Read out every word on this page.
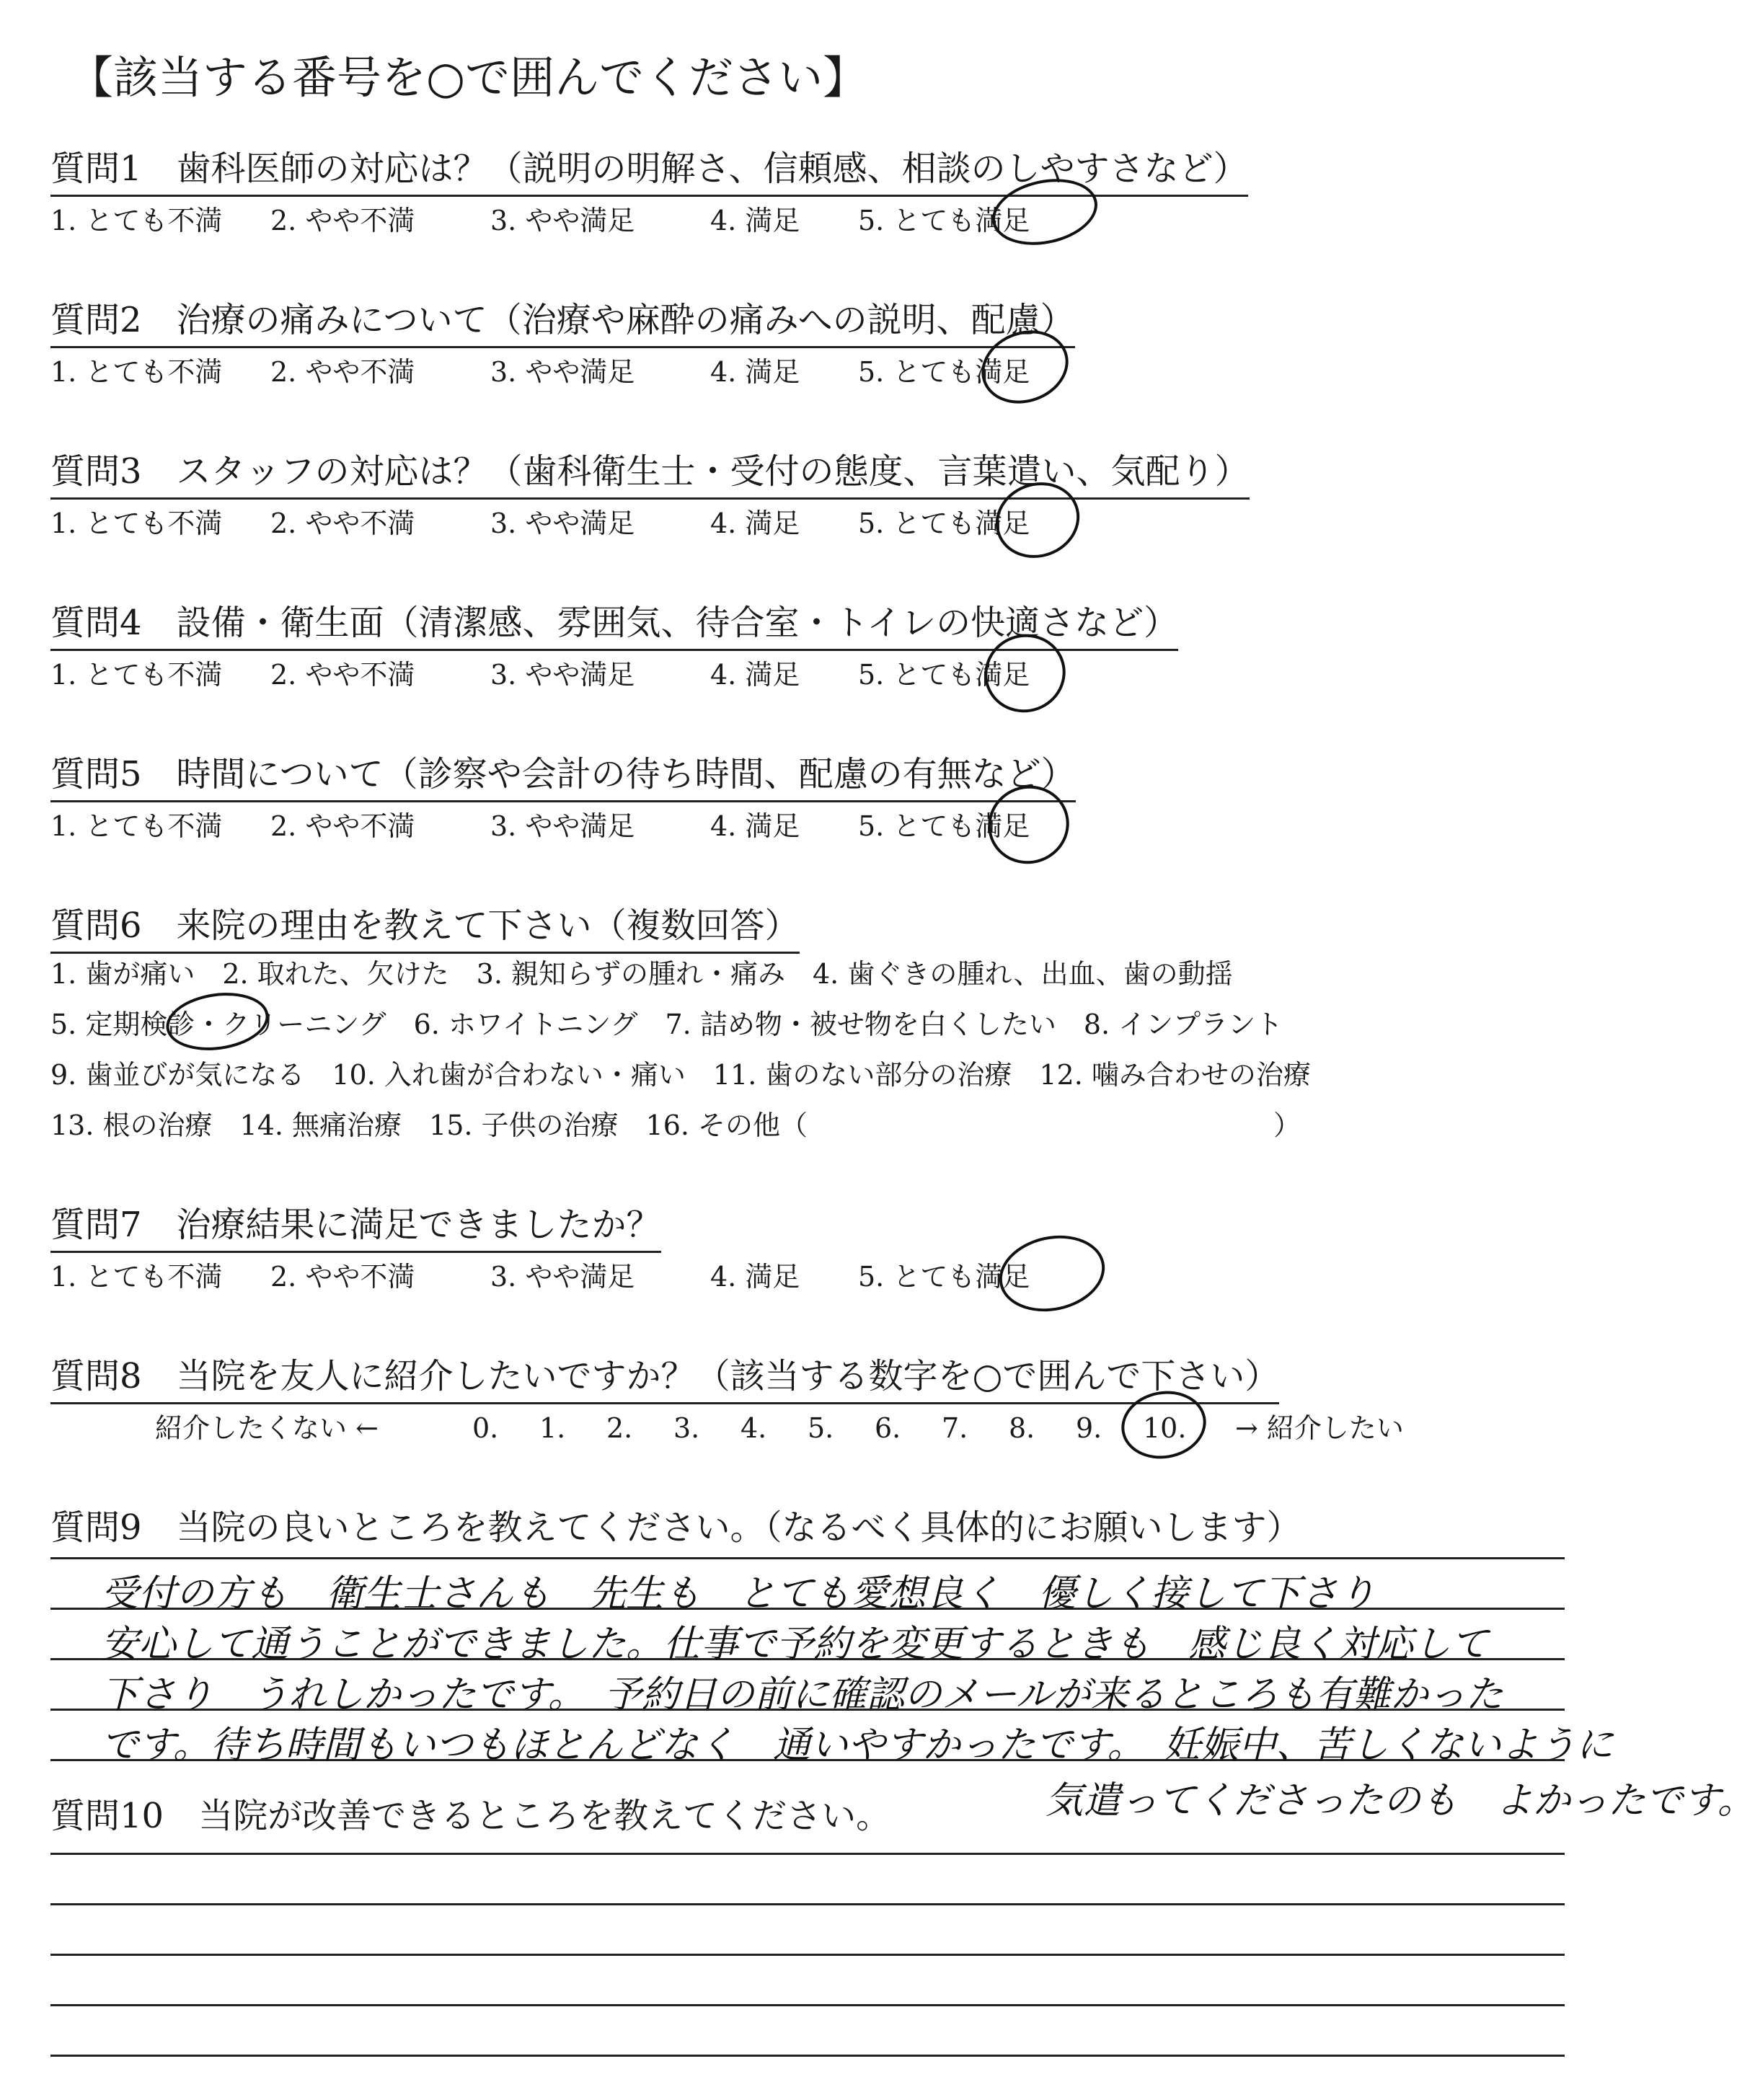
【該当する番号を○で囲んでください】
質問1　歯科医師の対応は？（説明の明解さ、信頼感、相談のしやすさなど）
1. とても不満 2. やや不満	3. やや満足	4. 満足 5. とても満足
質問2　治療の痛みについて（治療や麻酔の痛みへの説明、配慮）
1. とても不満 2. やや不満	3. やや満足	4. 満足 5. とても満足
質問3　スタッフの対応は？（歯科衛生士・受付の態度、言葉遣い、気配り）
1. とても不満 2. やや不満	3. やや満足	4. 満足 5. とても満足
質問4　設備・衛生面（清潔感、雰囲気、待合室・トイレの快適さなど）
1. とても不満 2. やや不満	3. やや満足	4. 満足 5. とても満足
質問5　時間について（診察や会計の待ち時間、配慮の有無など）
1. とても不満 2. やや不満	3. やや満足	4. 満足 5. とても満足
質問6　来院の理由を教えて下さい（複数回答）
1. 歯が痛い　2. 取れた、欠けた　3. 親知らずの腫れ・痛み　4. 歯ぐきの腫れ、出血、歯の動揺
5. 定期検診・クリーニング　6. ホワイトニング　7. 詰め物・被せ物を白くしたい　8. インプラント
9. 歯並びが気になる　10. 入れ歯が合わない・痛い　11. 歯のない部分の治療　12. 噛み合わせの治療
13. 根の治療　14. 無痛治療　15. 子供の治療　16. その他（　　　　　　　　　　　　　　　　　）
質問7　治療結果に満足できましたか？
1. とても不満 2. やや不満	3. やや満足	4. 満足 5. とても満足
質問8　当院を友人に紹介したいですか？（該当する数字を○で囲んで下さい）
紹介したくない ←	0. 1. 2. 3. 4. 5. 6. 7. 8. 9. 10. → 紹介したい
質問9　当院の良いところを教えてください。（なるべく具体的にお願いします）
受付の方も　衛生士さんも　先生も　とても愛想良く　優しく接して下さり
安心して通うことができました。仕事で予約を変更するときも　感じ良く対応して
下さり　うれしかったです。　予約日の前に確認のメールが来るところも有難かった
です。待ち時間もいつもほとんどなく　通いやすかったです。　妊娠中、苦しくないように
気遣ってくださったのも　よかったです。
質問10　当院が改善できるところを教えてください。
